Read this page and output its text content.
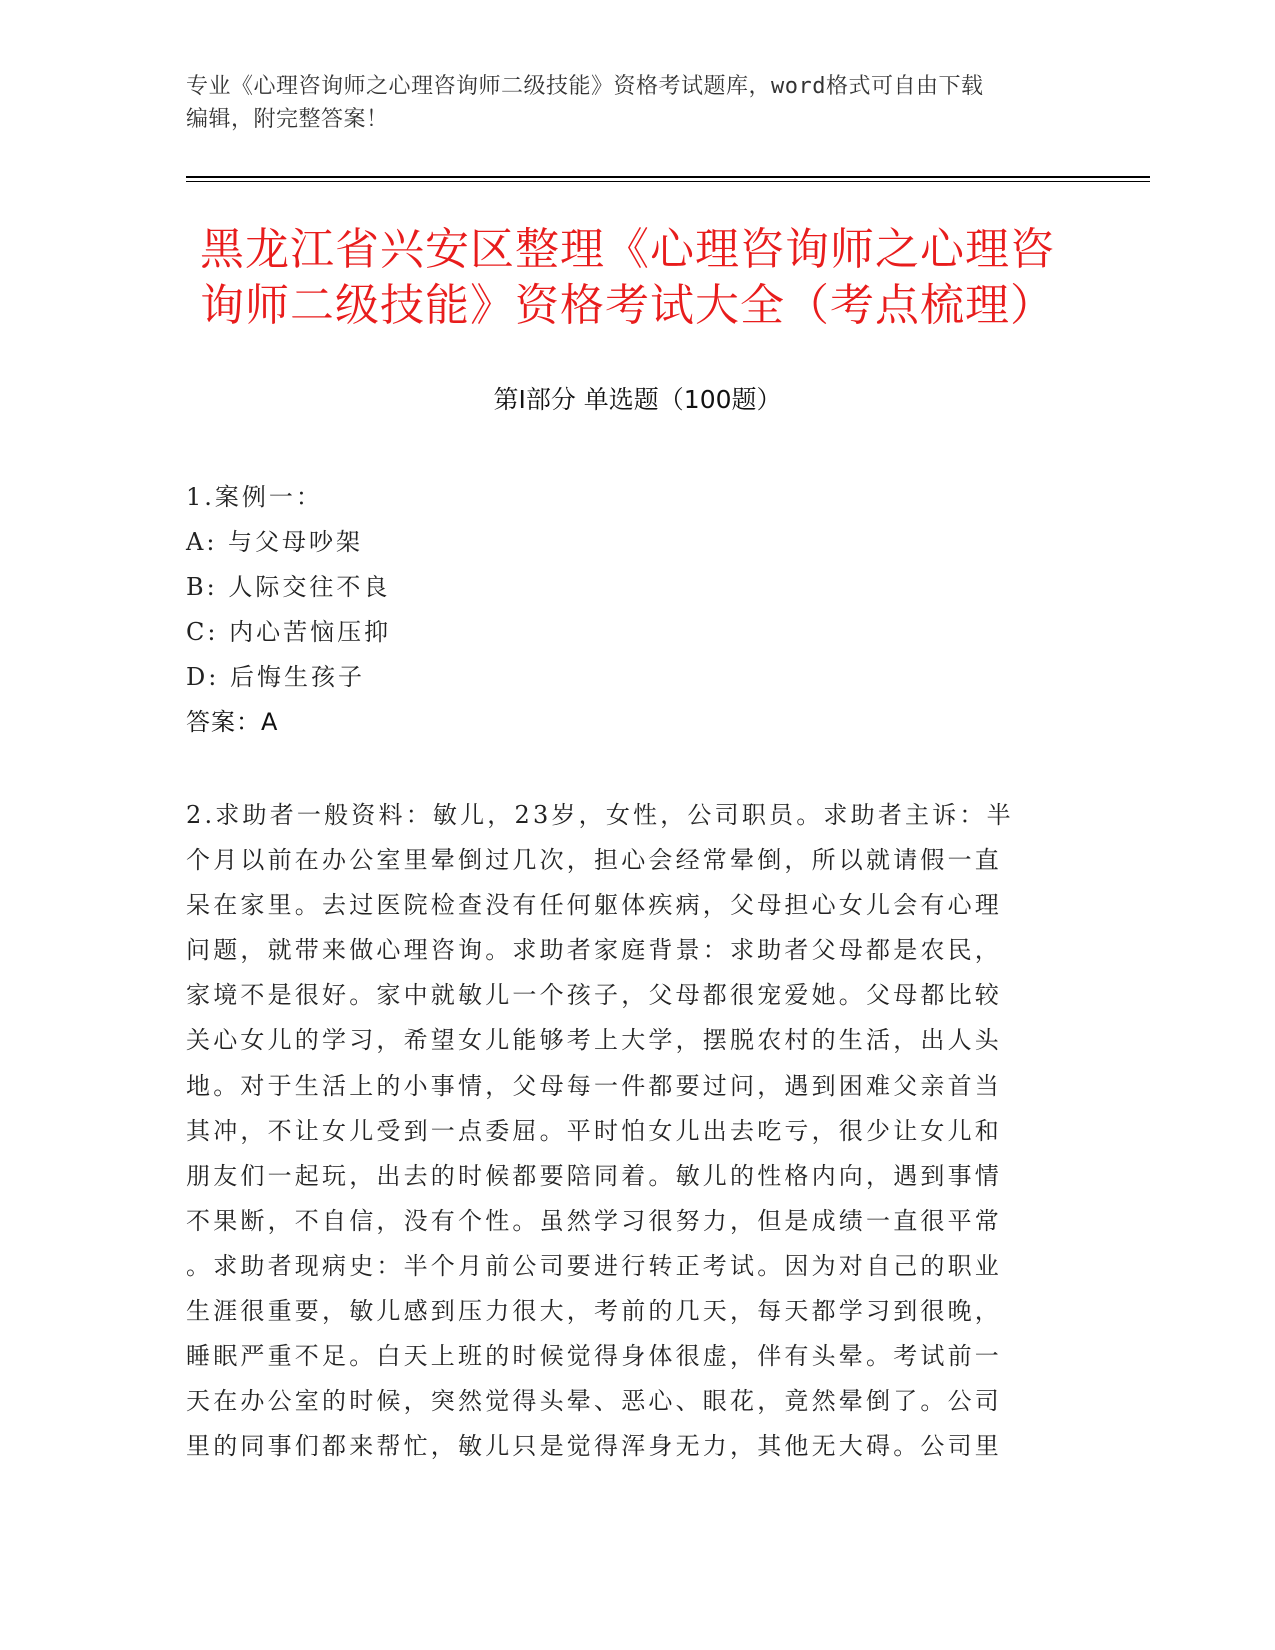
专业《心理咨询师之心理咨询师二级技能》资格考试题库，word格式可自由下载
编辑，附完整答案！
黑龙江省兴安区整理《心理咨询师之心理咨
询师二级技能》资格考试大全（考点梳理）
第Ⅰ部分 单选题（100题）
1.案例一：
A: 与父母吵架
B: 人际交往不良
C: 内心苦恼压抑
D: 后悔生孩子
答案：A
2.求助者一般资料：敏儿，23岁，女性，公司职员。求助者主诉：半
个月以前在办公室里晕倒过几次，担心会经常晕倒，所以就请假一直
呆在家里。去过医院检查没有任何躯体疾病，父母担心女儿会有心理
问题，就带来做心理咨询。求助者家庭背景：求助者父母都是农民，
家境不是很好。家中就敏儿一个孩子，父母都很宠爱她。父母都比较
关心女儿的学习，希望女儿能够考上大学，摆脱农村的生活，出人头
地。对于生活上的小事情，父母每一件都要过问，遇到困难父亲首当
其冲，不让女儿受到一点委屈。平时怕女儿出去吃亏，很少让女儿和
朋友们一起玩，出去的时候都要陪同着。敏儿的性格内向，遇到事情
不果断，不自信，没有个性。虽然学习很努力，但是成绩一直很平常
。求助者现病史：半个月前公司要进行转正考试。因为对自己的职业
生涯很重要，敏儿感到压力很大，考前的几天，每天都学习到很晚，
睡眠严重不足。白天上班的时候觉得身体很虚，伴有头晕。考试前一
天在办公室的时候，突然觉得头晕、恶心、眼花，竟然晕倒了。公司
里的同事们都来帮忙，敏儿只是觉得浑身无力，其他无大碍。公司里
